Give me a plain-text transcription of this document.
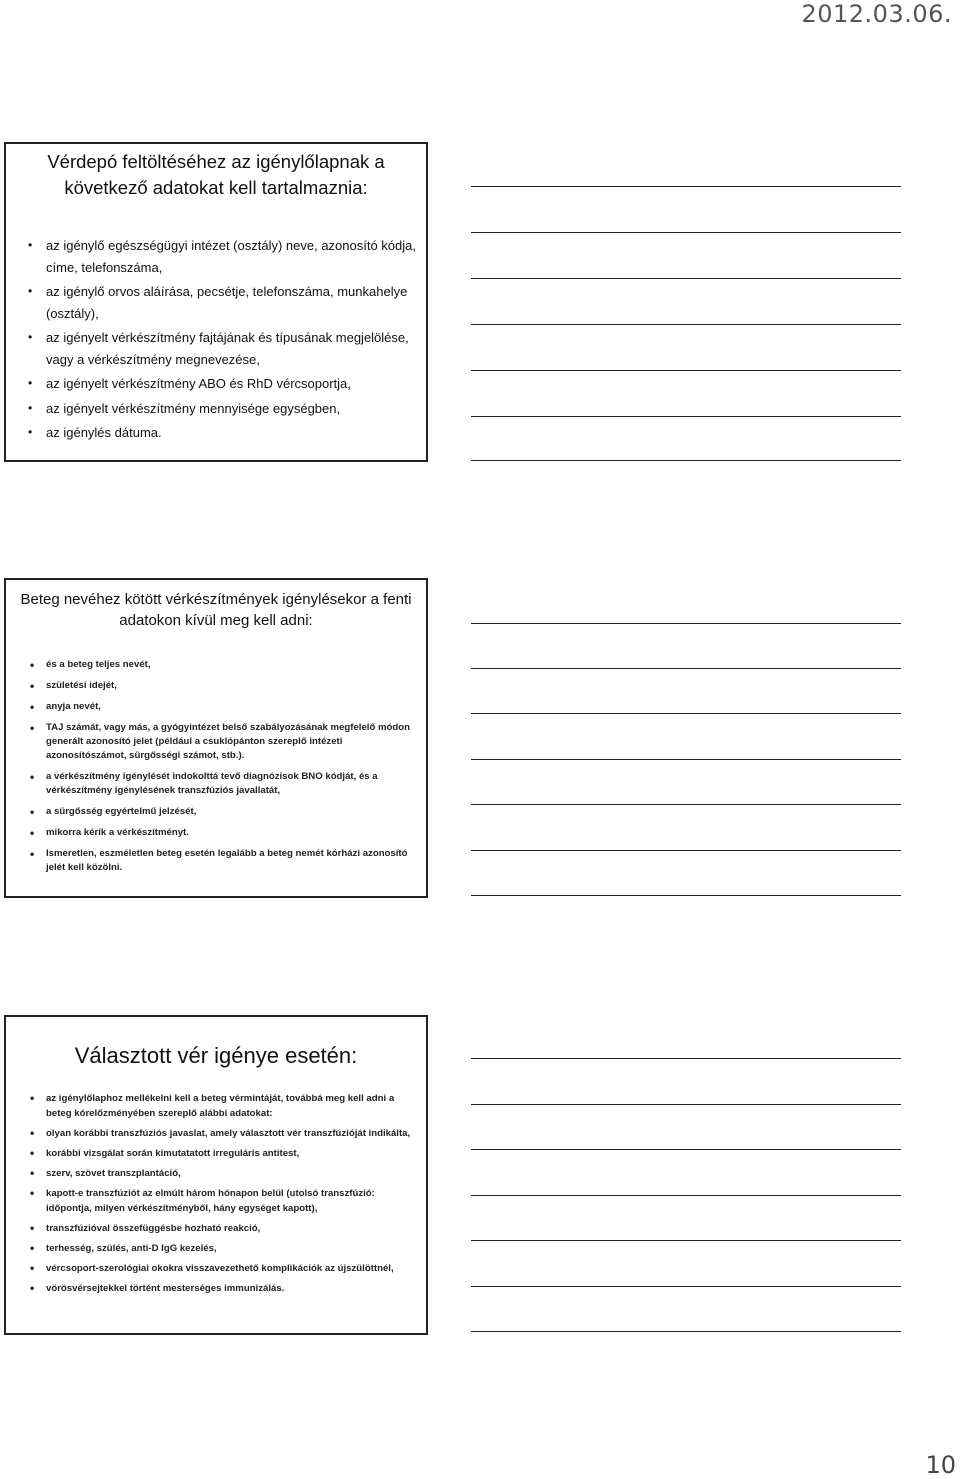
2012.03.06.
Vérdepó feltöltéséhez az igénylőlapnak a következő adatokat kell tartalmaznia:
• az igénylő egészségügyi intézet (osztály) neve, azonosító kódja, címe, telefonszáma,
• az igénylő orvos aláírása, pecsétje, telefonszáma, munkahelye (osztály),
• az igényelt vérkészítmény fajtájának és típusának megjelölése, vagy a vérkészítmény megnevezése,
• az igényelt vérkészítmény ABO és RhD vércsoportja,
• az igényelt vérkészítmény mennyisége egységben,
• az igénylés dátuma.
Beteg nevéhez kötött vérkészítmények igénylésekor a fenti adatokon kívül meg kell adni:
• és a beteg teljes nevét,
• születési idejét,
• anyja nevét,
• TAJ számát, vagy más, a gyógyintézet belső szabályozásának megfelelő módon generált azonosító jelet (például a csuklópánton szereplő intézeti azonosítószámot, sürgősségi számot, stb.).
• a vérkészítmény igénylését indokolttá tevő diagnózisok BNO kódját, és a vérkészítmény igénylésének transzfúziós javallatát,
• a sürgősség egyértelmű jelzését,
• mikorra kérik a vérkészítményt.
• Ismeretlen, eszméletlen beteg esetén legalább a beteg nemét kórházi azonosító jelét kell közölni.
Választott vér igénye esetén:
• az igénylőlaphoz mellékelni kell a beteg vérmintáját, továbbá meg kell adni a beteg kórelőzményében szereplő alábbi adatokat:
• olyan korábbi transzfúziós javaslat, amely választott vér transzfúzióját indikálta,
• korábbi vizsgálat során kimutatatott irreguláris antitest,
• szerv, szövet transzplantáció,
• kapott-e transzfúziót az elmúlt három hónapon belül (utolsó transzfúzió: időpontja, milyen vérkészítményből, hány egységet kapott),
• transzfúzióval összefüggésbe hozható reakció,
• terhesség, szülés, anti-D IgG kezelés,
• vércsoport-szerológiai okokra visszavezethető komplikációk az újszülöttnél,
• vörösvérsejtekkel történt mesterséges immunizálás.
10
